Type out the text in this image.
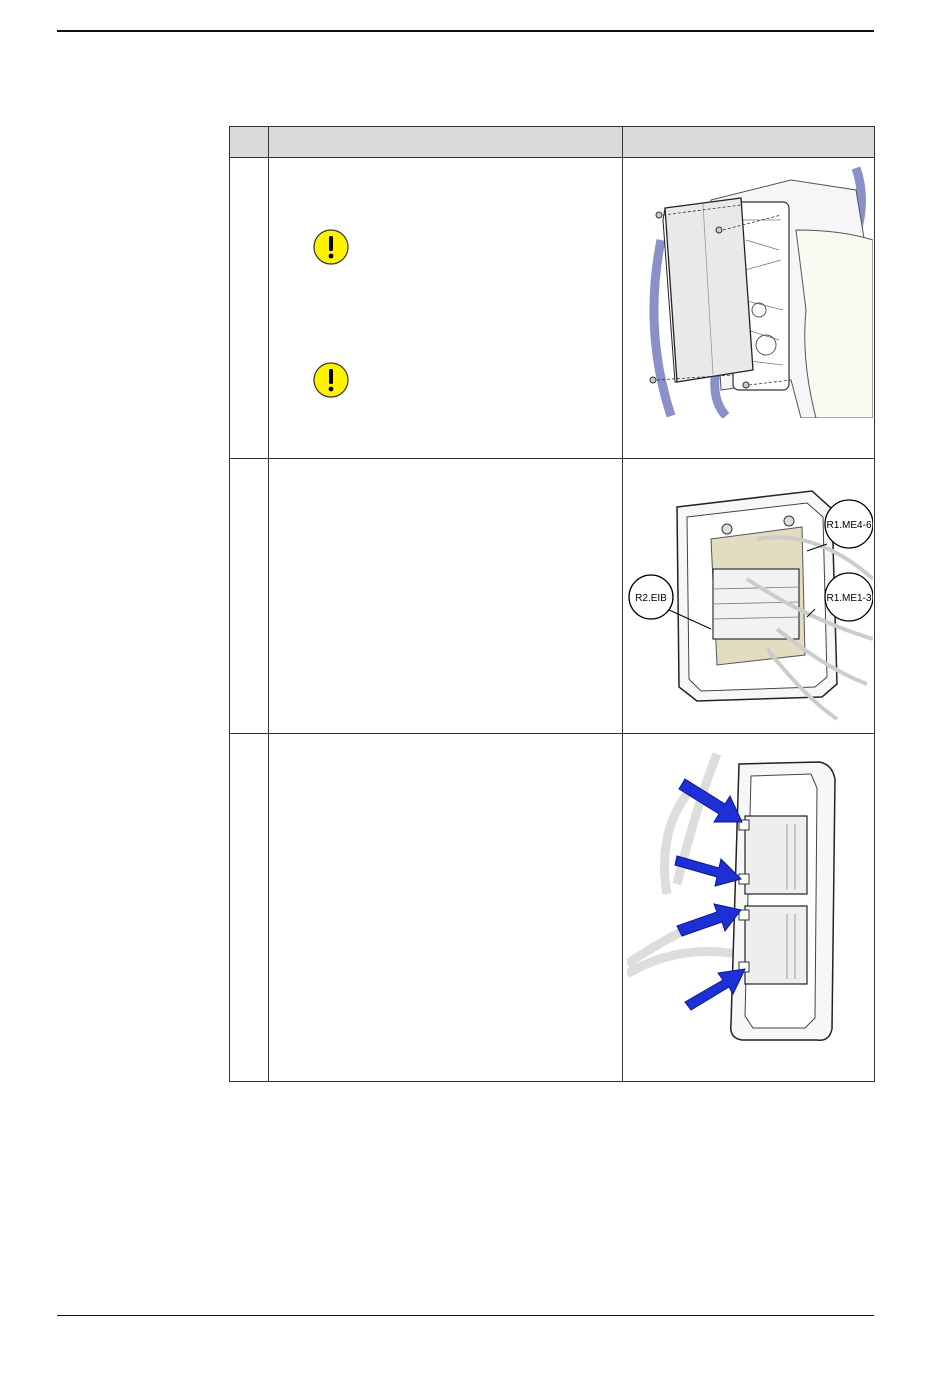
R1.ME4-6
R2.EIB R1.ME1-3
